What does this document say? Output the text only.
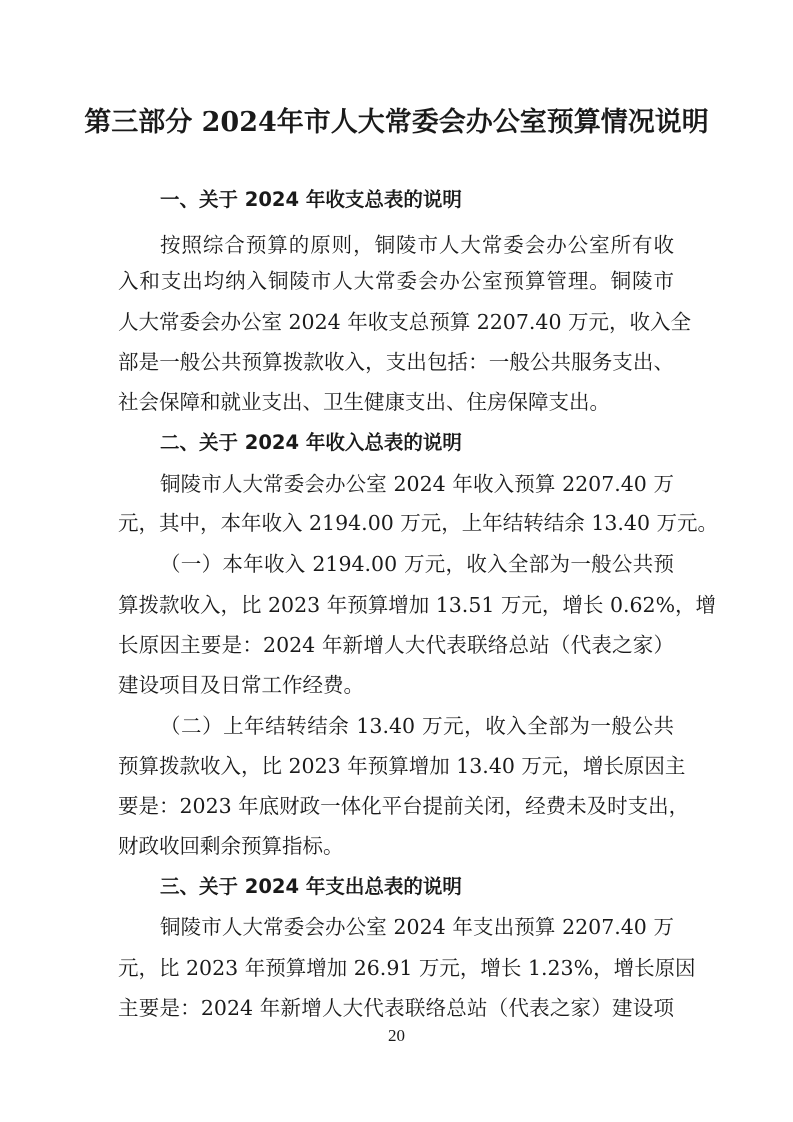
第三部分 2024年市人大常委会办公室预算情况说明
一、关于 2024 年收支总表的说明
按照综合预算的原则，铜陵市人大常委会办公室所有收
入和支出均纳入铜陵市人大常委会办公室预算管理。铜陵市
人大常委会办公室 2024 年收支总预算 2207.40 万元，收入全
部是一般公共预算拨款收入，支出包括：一般公共服务支出、
社会保障和就业支出、卫生健康支出、住房保障支出。
二、关于 2024 年收入总表的说明
铜陵市人大常委会办公室 2024 年收入预算 2207.40 万
元，其中，本年收入 2194.00 万元，上年结转结余 13.40 万元。
（一）本年收入 2194.00 万元，收入全部为一般公共预
算拨款收入，比 2023 年预算增加 13.51 万元，增长 0.62%，增
长原因主要是：2024 年新增人大代表联络总站（代表之家）
建设项目及日常工作经费。
（二）上年结转结余 13.40 万元，收入全部为一般公共
预算拨款收入，比 2023 年预算增加 13.40 万元，增长原因主
要是：2023 年底财政一体化平台提前关闭，经费未及时支出，
财政收回剩余预算指标。
三、关于 2024 年支出总表的说明
铜陵市人大常委会办公室 2024 年支出预算 2207.40 万
元，比 2023 年预算增加 26.91 万元，增长 1.23%，增长原因
主要是：2024 年新增人大代表联络总站（代表之家）建设项
20
